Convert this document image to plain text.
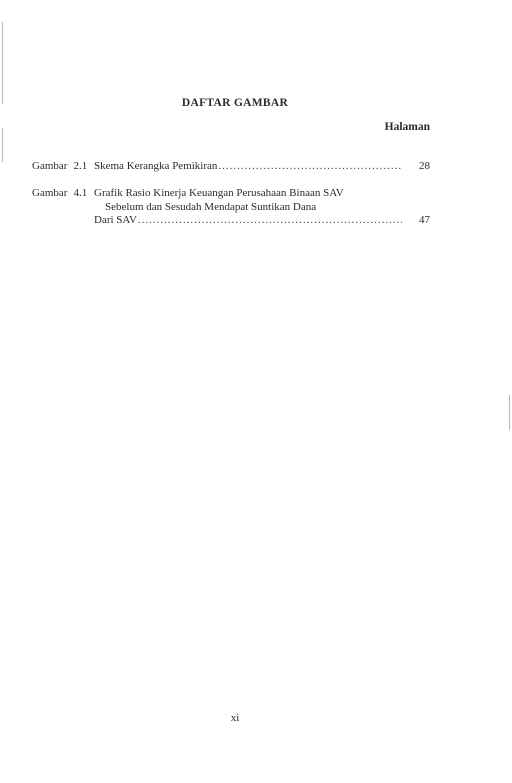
DAFTAR GAMBAR
Halaman
Gambar 2.1 Skema Kerangka Pemikiran .....	28
Gambar 4.1 Grafik Rasio Kinerja Keuangan Perusahaan Binaan SAV
Sebelum dan Sesudah Mendapat Suntikan Dana
Dari SAV .....	47
xi
